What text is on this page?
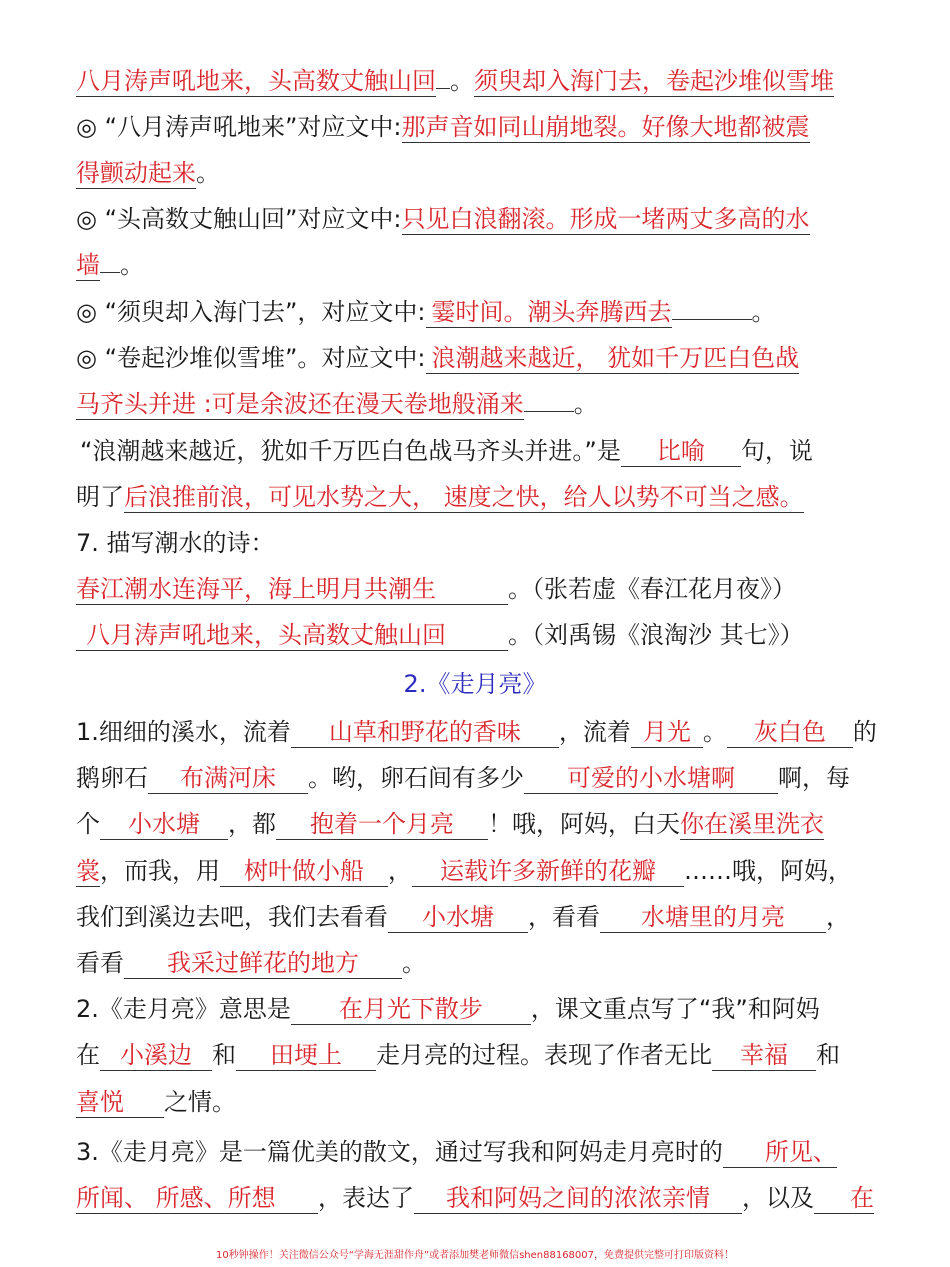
八月涛声吼地来，头高数丈触山回 。须臾却入海门去，卷起沙堆似雪堆
◎ “八月涛声吼地来”对应文中:那声音如同山崩地裂。好像大地都被震
得颤动起来。
◎ “头高数丈触山回”对应文中:只见白浪翻滚。形成一堵两丈多高的水
墙 。
◎ “须臾却入海门去”，对应文中: 霎时间。潮头奔腾西去	。
◎ “卷起沙堆似雪堆”。对应文中: 浪潮越来越近， 犹如千万匹白色战
马齐头并进 :可是余波还在漫天卷地般涌来 。
“浪潮越来越近，犹如千万匹白色战马齐头并进。”是 比喻 句，说
明了后浪推前浪，可见水势之大， 速度之快，给人以势不可当之感。
7. 描写潮水的诗：
春江潮水连海平，海上明月共潮生	。（张若虚《春江花月夜》）
八月涛声吼地来，头高数丈触山回	。（刘禹锡《浪淘沙 其七》）
2.《走月亮》
1.细细的溪水，流着 山草和野花的香味 ，流着 月光 。 灰白色 的
鹅卵石 布满河床 。哟，卵石间有多少 可爱的小水塘啊 啊，每
个 小水塘 ，都 抱着一个月亮 ！哦，阿妈，白天你在溪里洗衣
裳，而我，用 树叶做小船 ， 运载许多新鲜的花瓣 ……哦，阿妈，
我们到溪边去吧，我们去看看 小水塘 ，看看 水塘里的月亮 ，
看看 我采过鲜花的地方 。
2.《走月亮》意思是 在月光下散步 ，课文重点写了“我”和阿妈
在 小溪边 和 田埂上 走月亮的过程。表现了作者无比 幸福 和
喜悦 之情。
3.《走月亮》是一篇优美的散文，通过写我和阿妈走月亮时的 所见、
所闻、 所感、所想 ，表达了 我和阿妈之间的浓浓亲情 ，以及 在
10秒钟操作！关注微信公众号“学海无涯甜作舟”或者添加樊老师微信shen88168007，免费提供完整可打印版资料！
